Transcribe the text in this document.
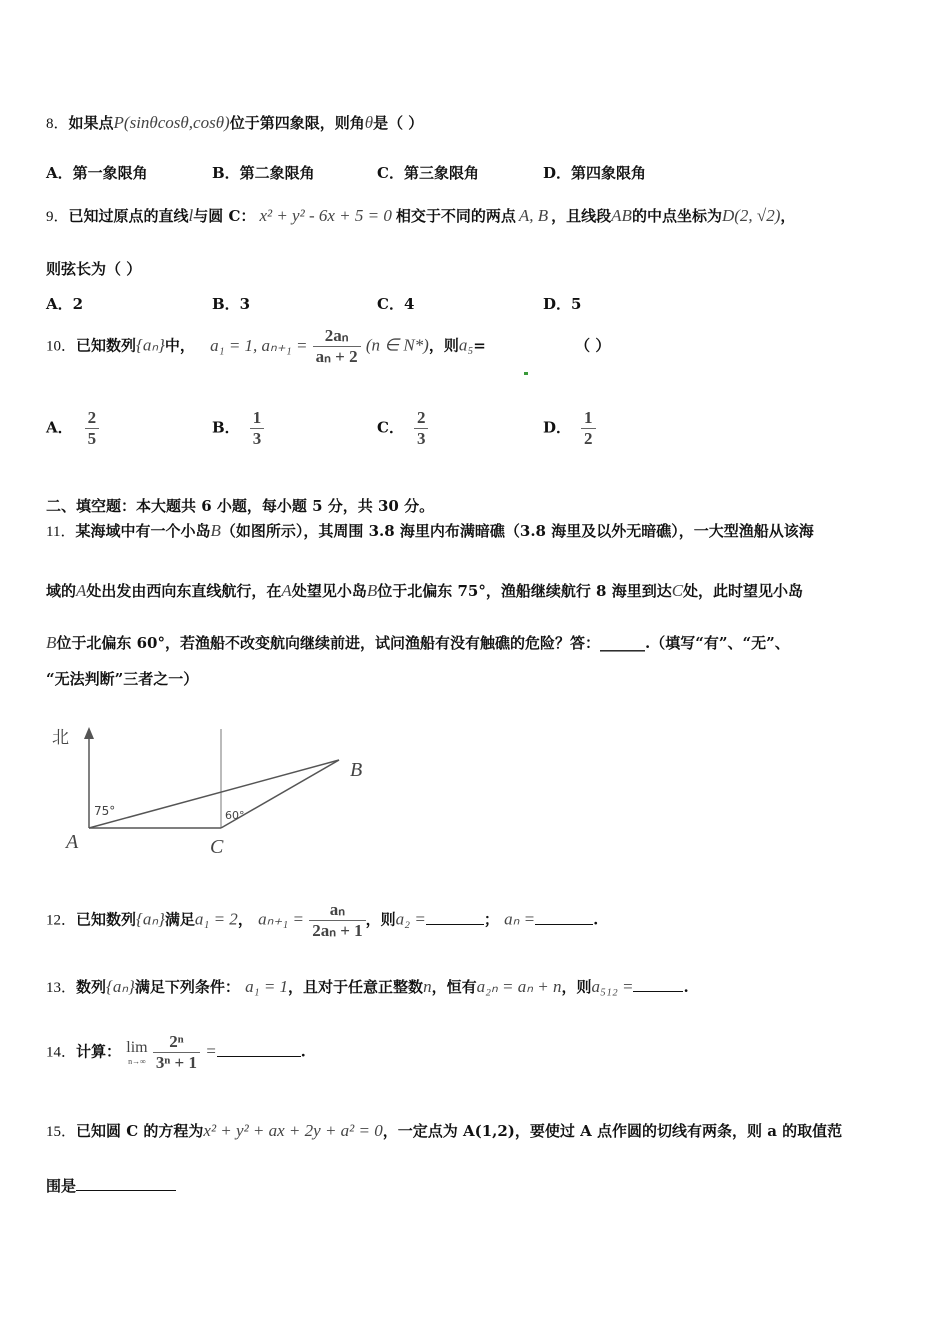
8．如果点P(sinθcosθ,cosθ)位于第四象限，则角θ是（ ）
A．第一象限角	B．第二象限角	C．第三象限角	D．第四象限角
9．已知过原点的直线l与圆 C： x² + y² - 6x + 5 = 0 相交于不同的两点 A, B ，且线段AB的中点坐标为D(2, √2)，
则弦长为（ ）
A．2	B．3	C．4	D．5
10．已知数列{aₙ}中， a₁ = 1, $a_{n+1} = \frac{\text{2aₙ}}{\text{aₙ + 2}} (n$ ∈ N*)，则a₅=	（ ）
A． $\frac{2}{5}$	B． $\frac{1}{3}$	C． $\frac{2}{3}$	D． $\frac{1}{2}$
二、填空题：本大题共 6 小题，每小题 5 分，共 30 分。
11．某海域中有一个小岛B（如图所示），其周围 3.8 海里内布满暗礁（3.8 海里及以外无暗礁），一大型渔船从该海
域的A处出发由西向东直线航行，在A处望见小岛B位于北偏东 75°，渔船继续航行 8 海里到达C处，此时望见小岛
B位于北偏东 60°，若渔船不改变航向继续前进，试问渔船有没有触礁的危险？答：______.（填写“有”、“无”、
“无法判断”三者之一）
北
75°	60°
A	C
B
12．已知数列{aₙ}满足a₁ = 2， $a_{n+1} = \frac{\text{aₙ}}{\text{2aₙ + 1}}$ ，则a₂ =	； aₙ =	.
13．数列{aₙ}满足下列条件： a₁ = 1，且对于任意正整数n，恒有a₂ₙ = aₙ + n，则a₅₁₂ =	.
14．计算： lim
n→∞
$\frac{\text{2ⁿ}}{\text{3ⁿ + 1}}$ =	.
15．已知圆 C 的方程为x² + y² + ax + 2y + a² = 0，一定点为 A(1,2)，要使过 A 点作圆的切线有两条，则 a 的取值范
围是
